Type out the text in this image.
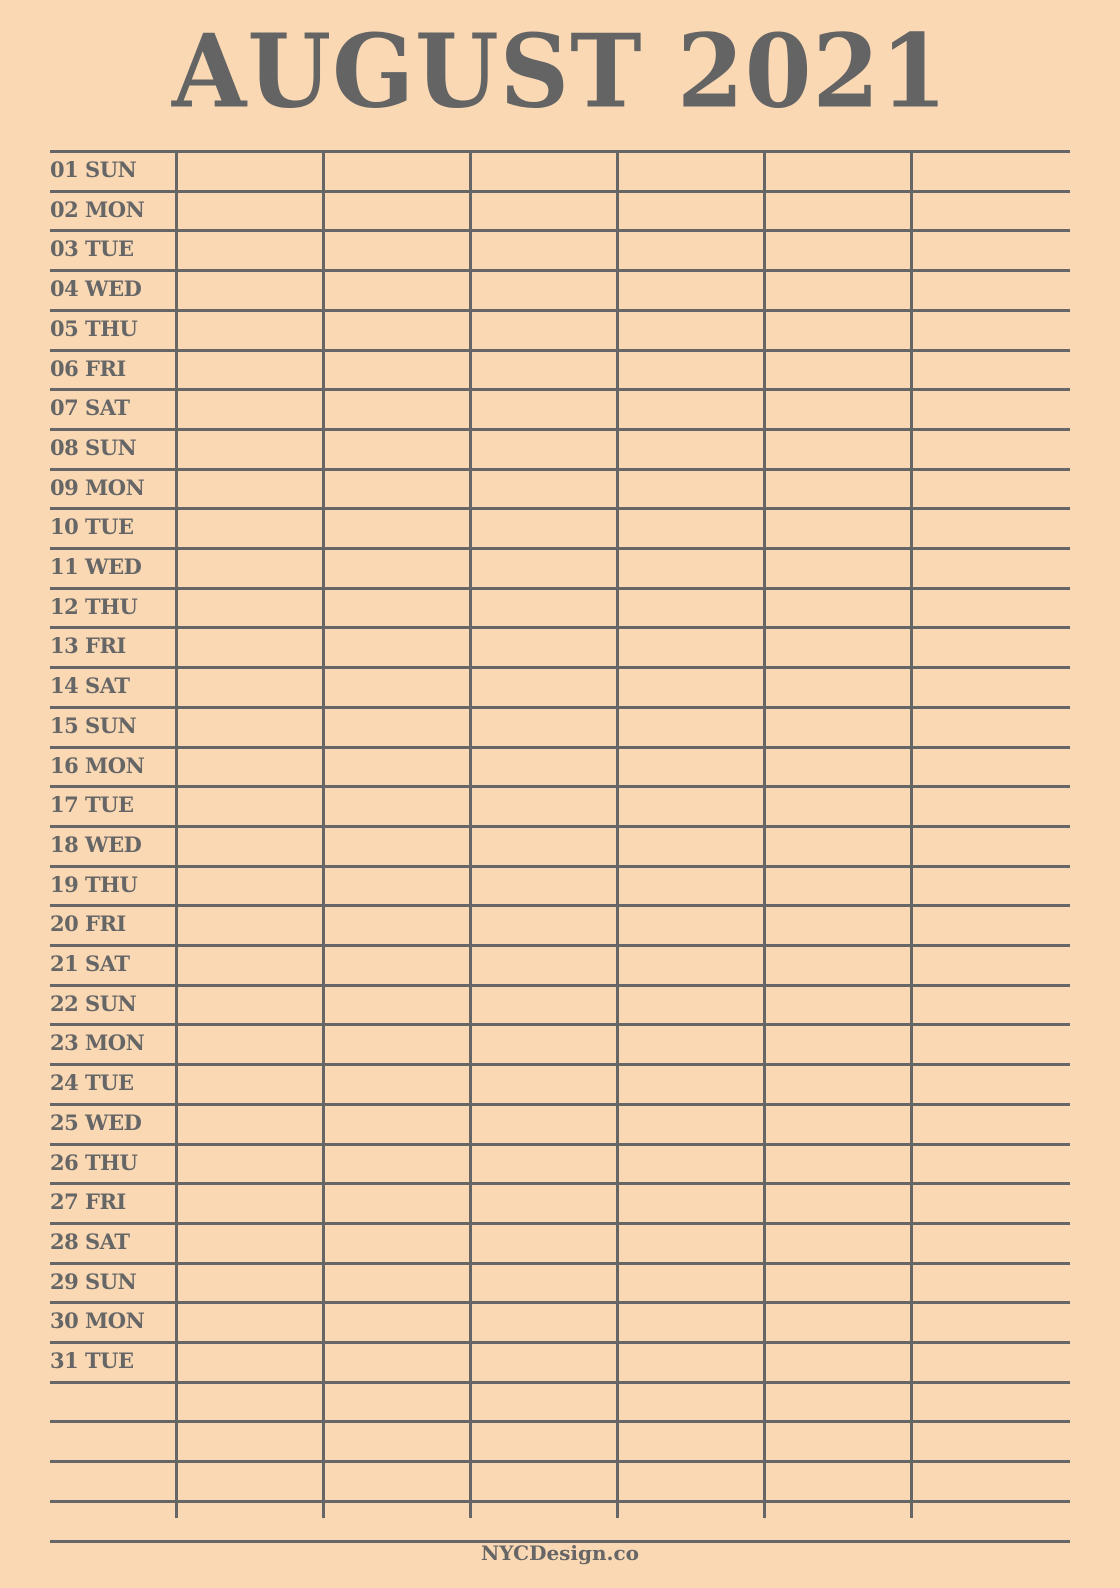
AUGUST 2021
01 SUN
02 MON
03 TUE
04 WED
05 THU
06 FRI
07 SAT
08 SUN
09 MON
10 TUE
11 WED
12 THU
13 FRI
14 SAT
15 SUN
16 MON
17 TUE
18 WED
19 THU
20 FRI
21 SAT
22 SUN
23 MON
24 TUE
25 WED
26 THU
27 FRI
28 SAT
29 SUN
30 MON
31 TUE
NYCDesign.co
